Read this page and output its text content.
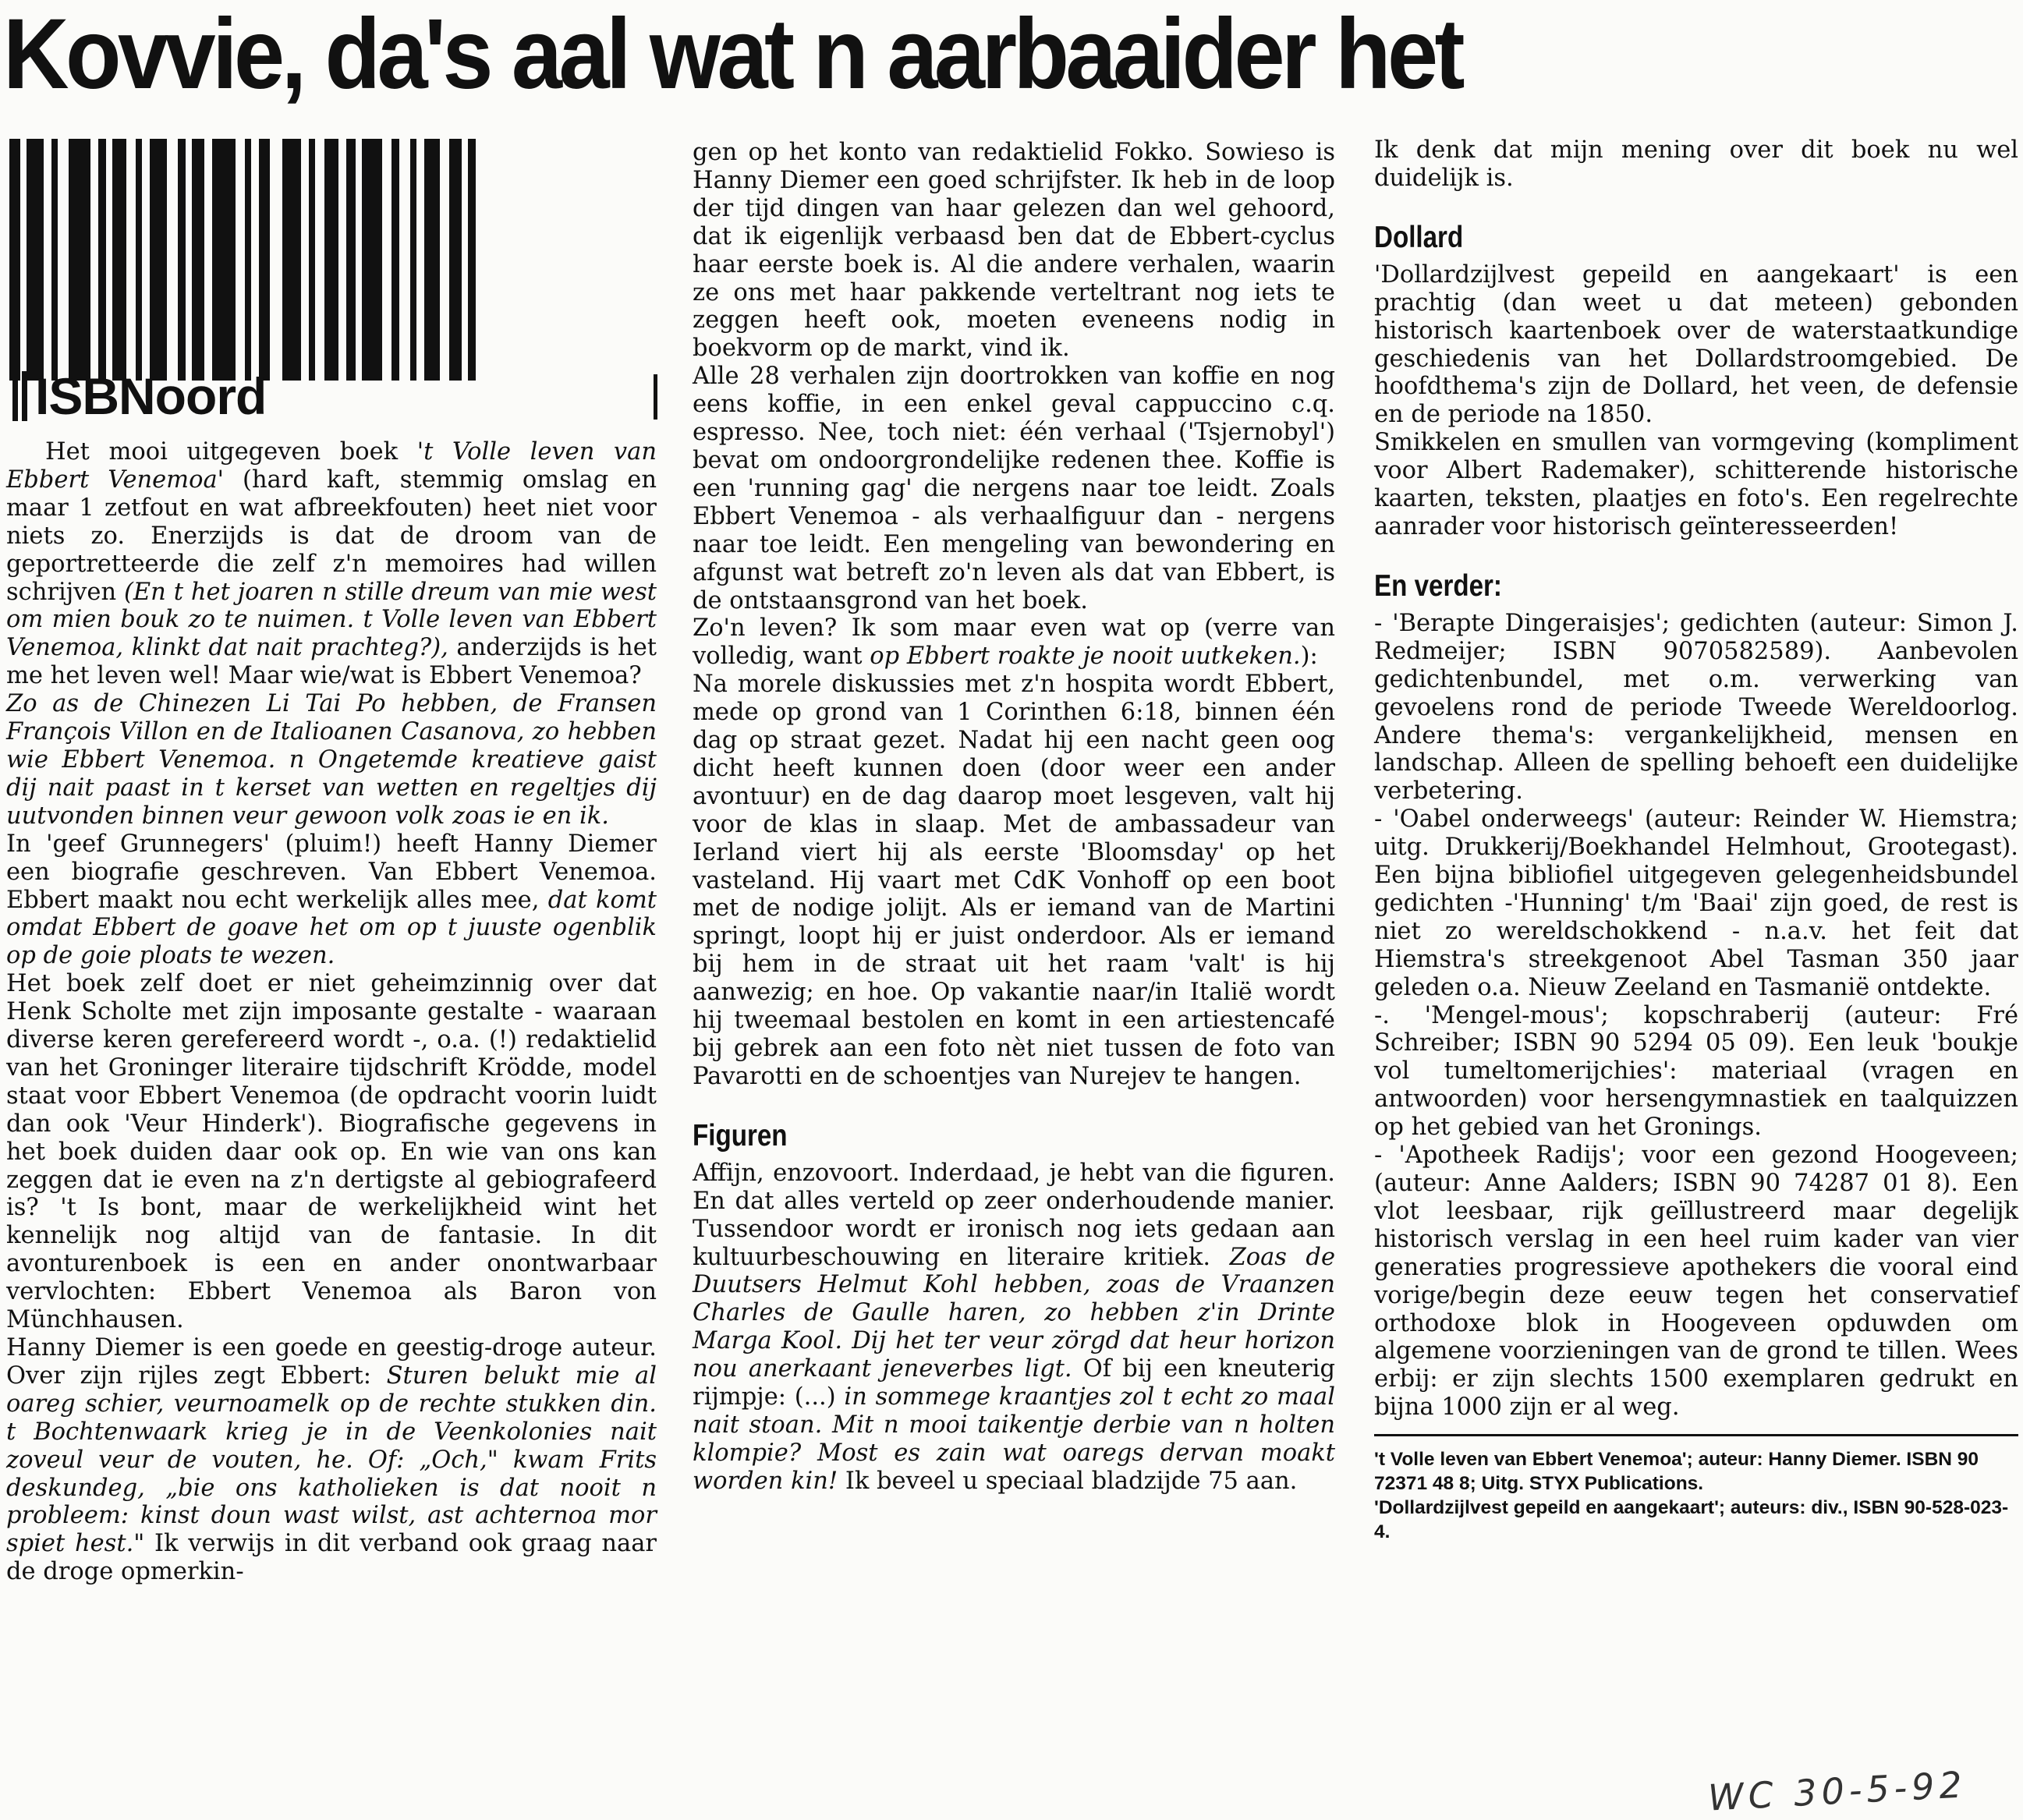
Kovvie, da's aal wat n aarbaaider het
ISBNoord

Het mooi uitgegeven boek 't Volle leven van Ebbert Venemoa' (hard kaft, stemmig omslag en maar 1 zetfout en wat afbreekfouten) heet niet voor niets zo. Enerzijds is dat de droom van de geportretteerde die zelf z'n memoires had willen schrijven (En t het joaren n stille dreum van mie west om mien bouk zo te nuimen. t Volle leven van Ebbert Venemoa, klinkt dat nait prachteg?), anderzijds is het me het leven wel! Maar wie/wat is Ebbert Venemoa?

Zo as de Chinezen Li Tai Po hebben, de Fransen François Villon en de Italioanen Casanova, zo hebben wie Ebbert Venemoa. n Ongetemde kreatieve gaist dij nait paast in t kerset van wetten en regeltjes dij uutvonden binnen veur gewoon volk zoas ie en ik.

In 'geef Grunnegers' (pluim!) heeft Hanny Diemer een biografie geschreven. Van Ebbert Venemoa. Ebbert maakt nou echt werkelijk alles mee, dat komt omdat Ebbert de goave het om op t juuste ogenblik op de goie ploats te wezen.

Het boek zelf doet er niet geheimzinnig over dat Henk Scholte met zijn imposante gestalte - waaraan diverse keren gerefereerd wordt -, o.a. (!) redaktielid van het Groninger literaire tijdschrift Krödde, model staat voor Ebbert Venemoa (de opdracht voorin luidt dan ook 'Veur Hinderk'). Biografische gegevens in het boek duiden daar ook op. En wie van ons kan zeggen dat ie even na z'n dertigste al gebiografeerd is? 't Is bont, maar de werkelijkheid wint het kennelijk nog altijd van de fantasie. In dit avonturenboek is een en ander onontwarbaar vervlochten: Ebbert Venemoa als Baron von Münchhausen.

Hanny Diemer is een goede en geestig-droge auteur. Over zijn rijles zegt Ebbert: Sturen belukt mie al oareg schier, veurnoamelk op de rechte stukken din. t Bochtenwaark krieg je in de Veenkolonies nait zoveul veur de vouten, he. Of: „Och," kwam Frits deskundeg, „bie ons katholieken is dat nooit n probleem: kinst doun wast wilst, ast achternoa mor spiet hest." Ik verwijs in dit verband ook graag naar de droge opmerkin-

gen op het konto van redaktielid Fokko. Sowieso is Hanny Diemer een goed schrijfster. Ik heb in de loop der tijd dingen van haar gelezen dan wel gehoord, dat ik eigenlijk verbaasd ben dat de Ebbert-cyclus haar eerste boek is. Al die andere verhalen, waarin ze ons met haar pakkende verteltrant nog iets te zeggen heeft ook, moeten eveneens nodig in boekvorm op de markt, vind ik.

Alle 28 verhalen zijn doortrokken van koffie en nog eens koffie, in een enkel geval cappuccino c.q. espresso. Nee, toch niet: één verhaal ('Tsjernobyl') bevat om ondoorgrondelijke redenen thee. Koffie is een 'running gag' die nergens naar toe leidt. Zoals Ebbert Venemoa - als verhaalfiguur dan - nergens naar toe leidt. Een mengeling van bewondering en afgunst wat betreft zo'n leven als dat van Ebbert, is de ontstaansgrond van het boek.

Zo'n leven? Ik som maar even wat op (verre van volledig, want op Ebbert roakte je nooit uutkeken.):

Na morele diskussies met z'n hospita wordt Ebbert, mede op grond van 1 Corinthen 6:18, binnen één dag op straat gezet. Nadat hij een nacht geen oog dicht heeft kunnen doen (door weer een ander avontuur) en de dag daarop moet lesgeven, valt hij voor de klas in slaap. Met de ambassadeur van Ierland viert hij als eerste 'Bloomsday' op het vasteland. Hij vaart met CdK Vonhoff op een boot met de nodige jolijt. Als er iemand van de Martini springt, loopt hij er juist onderdoor. Als er iemand bij hem in de straat uit het raam 'valt' is hij aanwezig; en hoe. Op vakantie naar/in Italië wordt hij tweemaal bestolen en komt in een artiestencafé bij gebrek aan een foto nèt niet tussen de foto van Pavarotti en de schoentjes van Nurejev te hangen.

Figuren

Affijn, enzovoort. Inderdaad, je hebt van die figuren. En dat alles verteld op zeer onderhoudende manier. Tussendoor wordt er ironisch nog iets gedaan aan kultuurbeschouwing en literaire kritiek. Zoas de Duutsers Helmut Kohl hebben, zoas de Vraanzen Charles de Gaulle haren, zo hebben z'in Drinte Marga Kool. Dij het ter veur zörgd dat heur horizon nou anerkaant jeneverbes ligt. Of bij een kneuterig rijmpje: (...) in sommege kraantjes zol t echt zo maal nait stoan. Mit n mooi taikentje derbie van n holten klompie? Most es zain wat oaregs dervan moakt worden kin! Ik beveel u speciaal bladzijde 75 aan.

Ik denk dat mijn mening over dit boek nu wel duidelijk is.

Dollard

'Dollardzijlvest gepeild en aangekaart' is een prachtig (dan weet u dat meteen) gebonden historisch kaartenboek over de waterstaatkundige geschiedenis van het Dollardstroomgebied. De hoofdthema's zijn de Dollard, het veen, de defensie en de periode na 1850.

Smikkelen en smullen van vormgeving (kompliment voor Albert Rademaker), schitterende historische kaarten, teksten, plaatjes en foto's. Een regelrechte aanrader voor historisch geïnteresseerden!

En verder:

- 'Berapte Dingeraisjes'; gedichten (auteur: Simon J. Redmeijer; ISBN 9070582589). Aanbevolen gedichtenbundel, met o.m. verwerking van gevoelens rond de periode Tweede Wereldoorlog. Andere thema's: vergankelijkheid, mensen en landschap. Alleen de spelling behoeft een duidelijke verbetering.

- 'Oabel onderweegs' (auteur: Reinder W. Hiemstra; uitg. Drukkerij/Boekhandel Helmhout, Grootegast). Een bijna bibliofiel uitgegeven gelegenheidsbundel gedichten -'Hunning' t/m 'Baai' zijn goed, de rest is niet zo wereldschokkend - n.a.v. het feit dat Hiemstra's streekgenoot Abel Tasman 350 jaar geleden o.a. Nieuw Zeeland en Tasmanië ontdekte.

-. 'Mengel-mous'; kopschraberij (auteur: Fré Schreiber; ISBN 90 5294 05 09). Een leuk 'boukje vol tumeltomerijchies': materiaal (vragen en antwoorden) voor hersengymnastiek en taalquizzen op het gebied van het Gronings.

- 'Apotheek Radijs'; voor een gezond Hoogeveen; (auteur: Anne Aalders; ISBN 90 74287 01 8). Een vlot leesbaar, rijk geïllustreerd maar degelijk historisch verslag in een heel ruim kader van vier generaties progressieve apothekers die vooral eind vorige/begin deze eeuw tegen het conservatief orthodoxe blok in Hoogeveen opduwden om algemene voorzieningen van de grond te tillen. Wees erbij: er zijn slechts 1500 exemplaren gedrukt en bijna 1000 zijn er al weg.

't Volle leven van Ebbert Venemoa'; auteur: Hanny Diemer. ISBN 90 72371 48 8; Uitg. STYX Publications.

'Dollardzijlvest gepeild en aangekaart'; auteurs: div., ISBN 90-528-023-4.

WC 30-5-92
